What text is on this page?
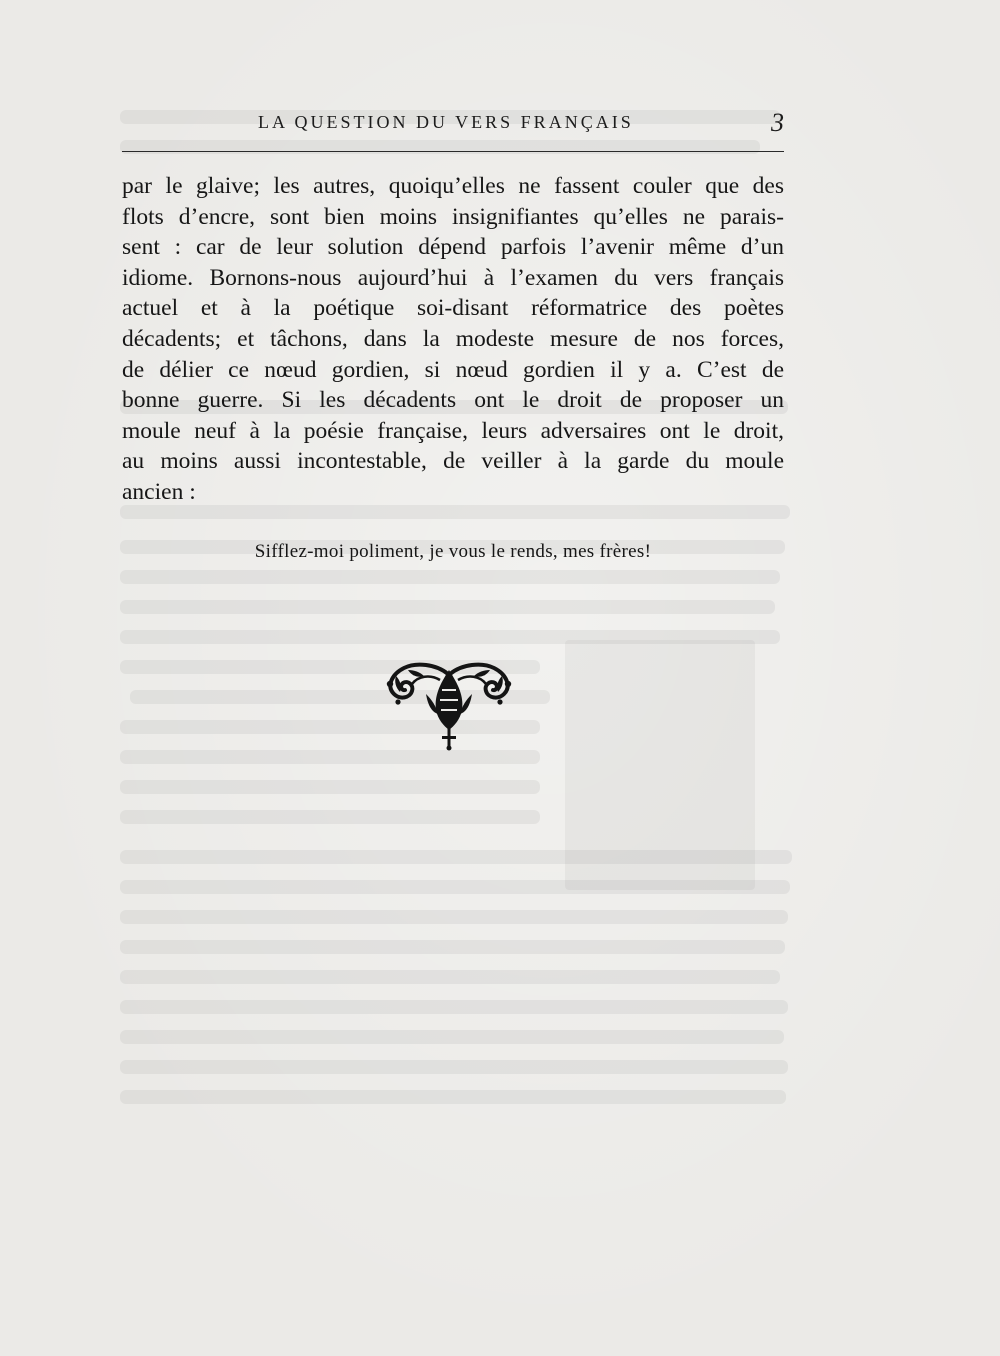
LA QUESTION DU VERS FRANÇAIS	3
par le glaive; les autres, quoiqu’elles ne fassent couler que des
flots d’encre, sont bien moins insignifiantes qu’elles ne parais-
sent : car de leur solution dépend parfois l’avenir même d’un
idiome. Bornons-nous aujourd’hui à l’examen du vers français
actuel et à la poétique soi-disant réformatrice des poètes
décadents; et tâchons, dans la modeste mesure de nos forces,
de délier ce nœud gordien, si nœud gordien il y a. C’est de
bonne guerre. Si les décadents ont le droit de proposer un
moule neuf à la poésie française, leurs adversaires ont le droit,
au moins aussi incontestable, de veiller à la garde du moule
ancien :
Sifflez-moi poliment, je vous le rends, mes frères!
